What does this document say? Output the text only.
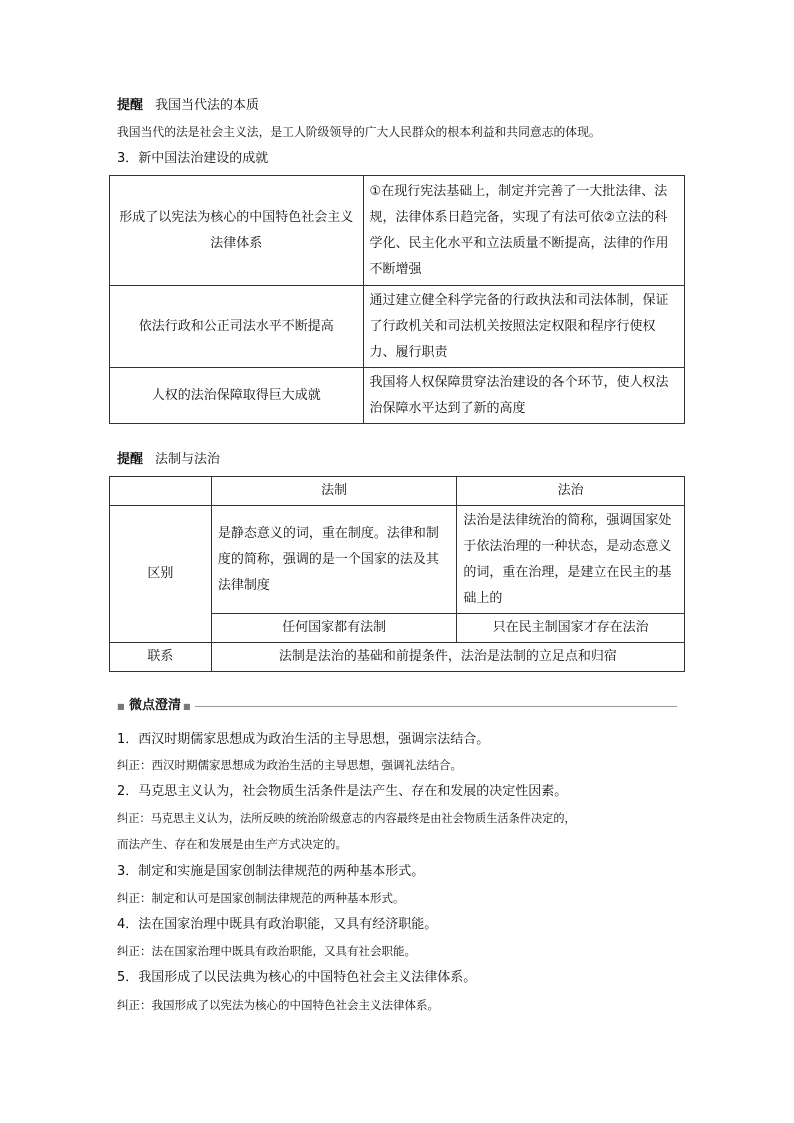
提醒 我国当代法的本质
我国当代的法是社会主义法，是工人阶级领导的广大人民群众的根本利益和共同意志的体现。
3．新中国法治建设的成就
形成了以宪法为核心的中国特色社会主义法律体系	①在现行宪法基础上，制定并完善了一大批法律、法规，法律体系日趋完备，实现了有法可依②立法的科学化、民主化水平和立法质量不断提高，法律的作用不断增强
依法行政和公正司法水平不断提高	通过建立健全科学完备的行政执法和司法体制，保证了行政机关和司法机关按照法定权限和程序行使权力、履行职责
人权的法治保障取得巨大成就	我国将人权保障贯穿法治建设的各个环节，使人权法治保障水平达到了新的高度
提醒 法制与法治
	法制	法治
区别	是静态意义的词，重在制度。法律和制度的简称，强调的是一个国家的法及其法律制度	法治是法律统治的简称，强调国家处于依法治理的一种状态，是动态意义的词，重在治理，是建立在民主的基础上的
	任何国家都有法制	只在民主制国家才存在法治
联系	法制是法治的基础和前提条件，法治是法制的立足点和归宿	
■ 微点澄清 ■
1．西汉时期儒家思想成为政治生活的主导思想，强调宗法结合。
纠正：西汉时期儒家思想成为政治生活的主导思想，强调礼法结合。
2．马克思主义认为，社会物质生活条件是法产生、存在和发展的决定性因素。
纠正：马克思主义认为，法所反映的统治阶级意志的内容最终是由社会物质生活条件决定的，
而法产生、存在和发展是由生产方式决定的。
3．制定和实施是国家创制法律规范的两种基本形式。
纠正：制定和认可是国家创制法律规范的两种基本形式。
4．法在国家治理中既具有政治职能，又具有经济职能。
纠正：法在国家治理中既具有政治职能，又具有社会职能。
5．我国形成了以民法典为核心的中国特色社会主义法律体系。
纠正：我国形成了以宪法为核心的中国特色社会主义法律体系。
